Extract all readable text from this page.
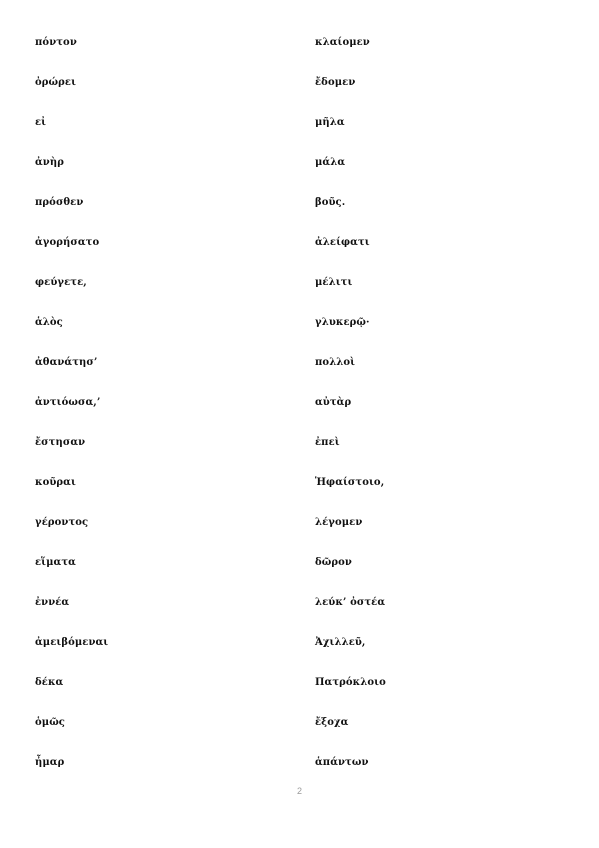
πόντον
ὀρώρει
εἰ
ἀνὴρ
πρόσθεν
ἀγορήσατο
φεύγετε,
ἁλὸς
ἀθανάτησ’
ἀντιόωσα,’
ἔστησαν
κοῦραι
γέροντος
εἵματα
ἐννέα
ἀμειβόμεναι
δέκα
ὁμῶς
ἦμαρ
κλαίομεν
ἔδομεν
μῆλα
μάλα
βοῦς.
ἀλείφατι
μέλιτι
γλυκερῷ·
πολλοὶ
αὐτὰρ
ἐπεὶ
Ἡφαίστοιο,
λέγομεν
δῶρον
λεύκ’ ὀστέα
Ἀχιλλεῦ,
Πατρόκλοιο
ἔξοχα
ἁπάντων
2
